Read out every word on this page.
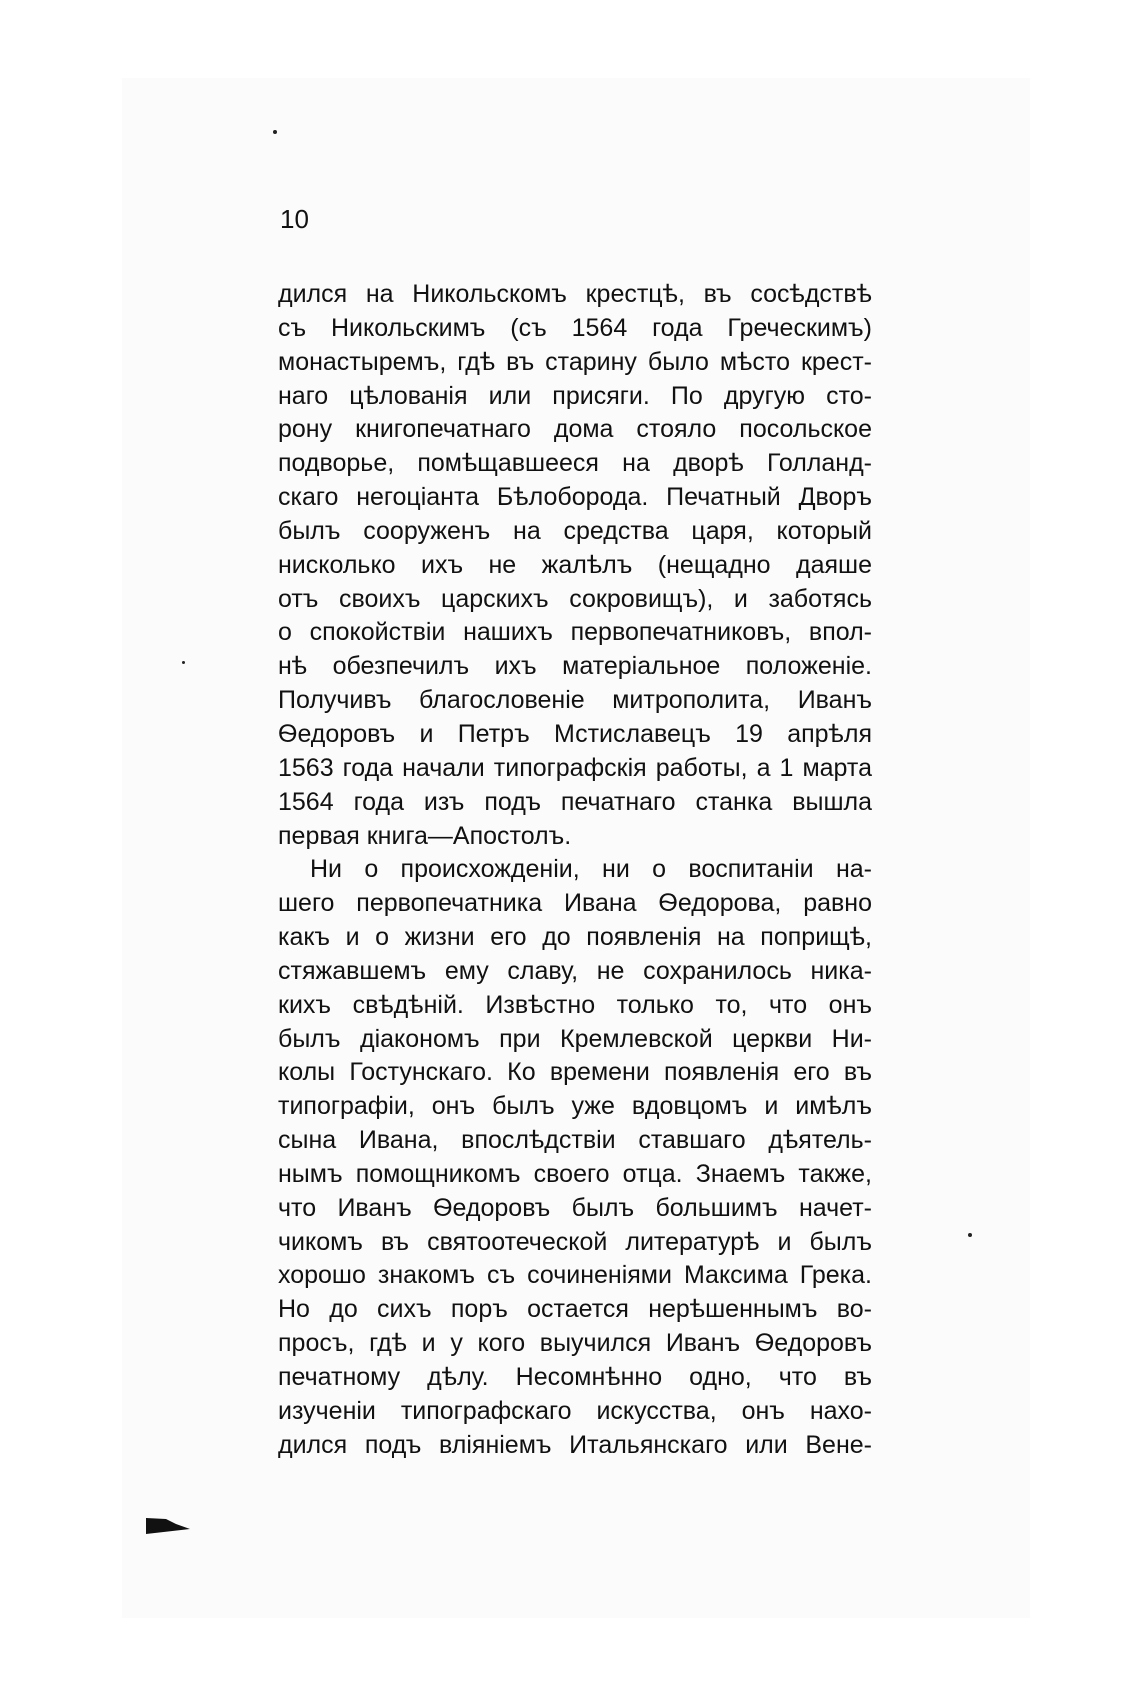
10
дился на Никольскомъ крестцѣ, въ сосѣдствѣ
съ Никольскимъ (съ 1564 года Греческимъ)
монастыремъ, гдѣ въ старину было мѣсто крест-
наго цѣлованія или присяги. По другую сто-
рону книгопечатнаго дома стояло посольское
подворье, помѣщавшееся на дворѣ Голланд-
скаго негоціанта Бѣлоборода. Печатный Дворъ
былъ сооруженъ на средства царя, который
нисколько ихъ не жалѣлъ (нещадно даяше
отъ своихъ царскихъ сокровищъ), и заботясь
о спокойствіи нашихъ первопечатниковъ, впол-
нѣ обезпечилъ ихъ матеріальное положеніе.
Получивъ благословеніе митрополита, Иванъ
Ѳедоровъ и Петръ Мстиславецъ 19 апрѣля
1563 года начали типографскія работы, а 1 марта
1564 года изъ подъ печатнаго станка вышла
первая книга—Апостолъ.
Ни о происхожденіи, ни о воспитаніи на-
шего первопечатника Ивана Ѳедорова, равно
какъ и о жизни его до появленія на поприщѣ,
стяжавшемъ ему славу, не сохранилось ника-
кихъ свѣдѣній. Извѣстно только то, что онъ
былъ діакономъ при Кремлевской церкви Ни-
колы Гостунскаго. Ко времени появленія его въ
типографіи, онъ былъ уже вдовцомъ и имѣлъ
сына Ивана, впослѣдствіи ставшаго дѣятель-
нымъ помощникомъ своего отца. Знаемъ также,
что Иванъ Ѳедоровъ былъ большимъ начет-
чикомъ въ святоотеческой литературѣ и былъ
хорошо знакомъ съ сочиненіями Максима Грека.
Но до сихъ поръ остается нерѣшеннымъ во-
просъ, гдѣ и у кого выучился Иванъ Ѳедоровъ
печатному дѣлу. Несомнѣнно одно, что въ
изученіи типографскаго искусства, онъ нахо-
дился подъ вліяніемъ Итальянскаго или Вене-
